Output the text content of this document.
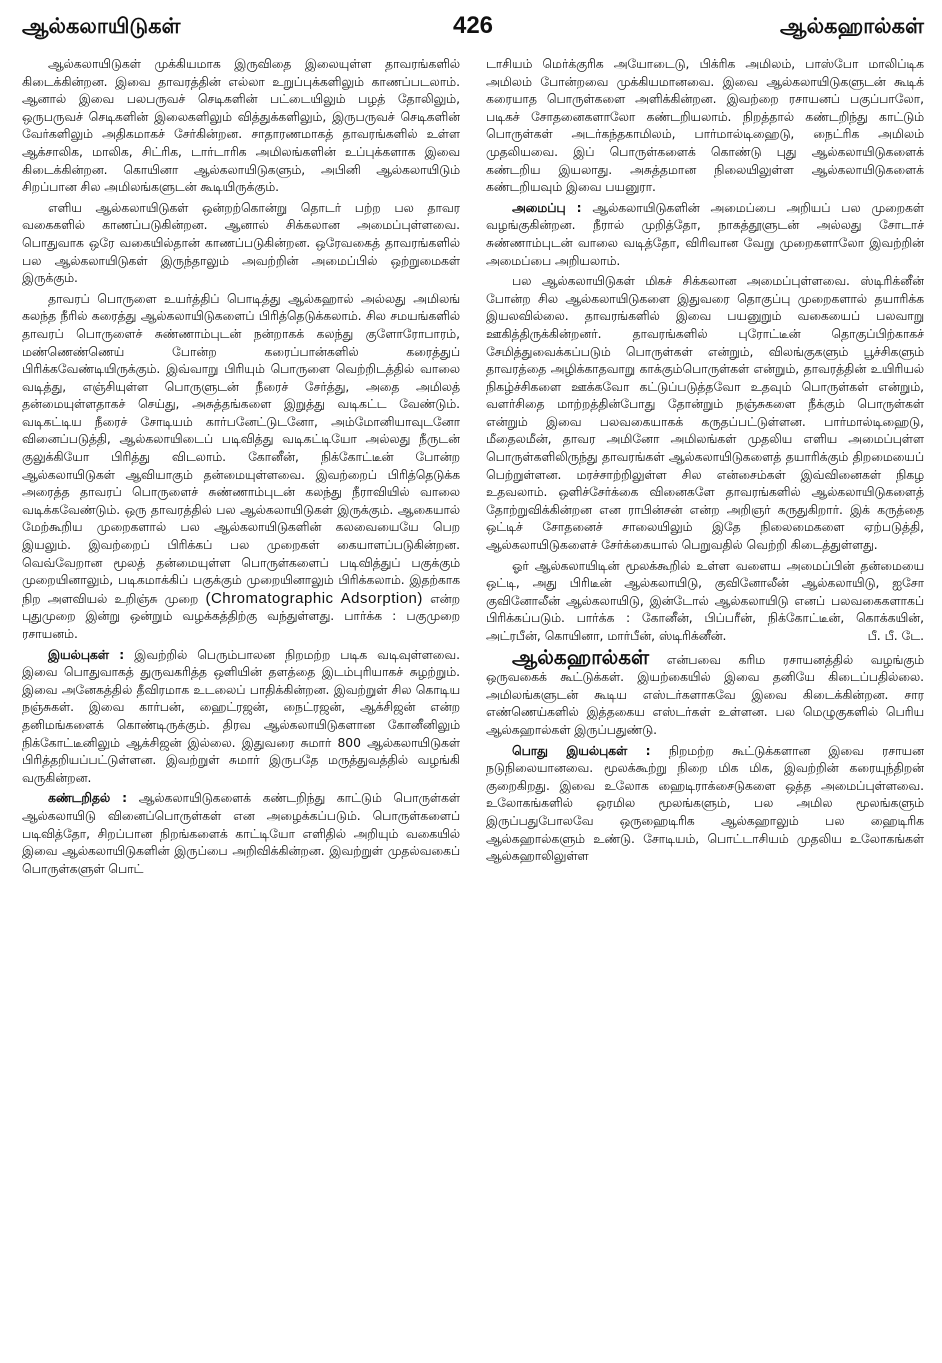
ஆல்கலாயிடுகள்	426	ஆல்கஹால்கள்

ஆல்கலாயிடுகள் முக்கியமாக இருவிதை இலையுள்ள தாவரங்களில் கிடைக்கின்றன. இவை தாவரத்தின் எல்லா உறுப்புக்களிலும் காணப்படலாம். ஆனால் இவை பலபருவச் செடிகளின் பட்டையிலும் பழத் தோலிலும், ஒருபருவச் செடிகளின் இலைகளிலும் வித்துக்களிலும், இருபருவச் செடிகளின் வேர்களிலும் அதிகமாகச் சேர்கின்றன. சாதாரணமாகத் தாவரங்களில் உள்ள ஆக்சாலிக, மாலிக, சிட்ரிக, டார்டாரிக அமிலங்களின் உப்புக்களாக இவை கிடைக்கின்றன. கொயினா ஆல்கலாயிடுகளும், அபினி ஆல்கலாயிடும் சிறப்பான சில அமிலங்களுடன் கூடியிருக்கும்.

எளிய ஆல்கலாயிடுகள் ஒன்றற்கொன்று தொடர் பற்ற பல தாவர வகைகளில் காணப்படுகின்றன. ஆனால் சிக்கலான அமைப்புள்ளவை. பொதுவாக ஒரே வகையில்தான் காணப்படுகின்றன. ஒரேவகைத் தாவரங்களில் பல ஆல்கலாயிடுகள் இருந்தாலும் அவற்றின் அமைப்பில் ஒற்றுமைகள் இருக்கும்.

தாவரப் பொருளை உயர்த்திப் பொடித்து ஆல்கஹால் அல்லது அமிலங் கலந்த நீரில் கரைத்து ஆல்கலாயிடுகளைப் பிரித்தெடுக்கலாம். சில சமயங்களில் தாவரப் பொருளைச் சுண்ணாம்புடன் நன்றாகக் கலந்து குளோரோபாரம், மண்ணெண்ணெய் போன்ற கரைப்பான்களில் கரைத்துப் பிரிக்கவேண்டியிருக்கும். இவ்வாறு பிரியும் பொருளை வெற்றிடத்தில் வாலை வடித்து, எஞ்சியுள்ள பொருளுடன் நீரைச் சேர்த்து, அதை அமிலத் தன்மையுள்ளதாகச் செய்து, அசுத்தங்களை இறுத்து வடிகட்ட வேண்டும். வடிகட்டிய நீரைச் சோடியம் கார்பனேட்டுடனோ, அம்மோனியாவுடனோ வினைப்படுத்தி, ஆல்கலாயிடைப் படிவித்து வடிகட்டியோ அல்லது நீருடன் குலுக்கியோ பிரித்து விடலாம். கோனீன், நிக்கோட்டீன் போன்ற ஆல்கலாயிடுகள் ஆவியாகும் தன்மையுள்ளவை. இவற்றைப் பிரித்தெடுக்க அரைத்த தாவரப் பொருளைச் சுண்ணாம்புடன் கலந்து நீராவியில் வாலை வடிக்கவேண்டும். ஒரு தாவரத்தில் பல ஆல்கலாயிடுகள் இருக்கும். ஆகையால் மேற்கூறிய முறைகளால் பல ஆல்கலாயிடுகளின் கலவையையே பெற இயலும். இவற்றைப் பிரிக்கப் பல முறைகள் கையாளப்படுகின்றன. வெவ்வேறான மூலத் தன்மையுள்ள பொருள்களைப் படிவித்துப் பகுக்கும் முறையினாலும், படிகமாக்கிப் பகுக்கும் முறையினாலும் பிரிக்கலாம். இதற்காக நிற அளவியல் உறிஞ்சு முறை (Chromatographic Adsorption) என்ற புதுமுறை இன்று ஒன்றும் வழக்கத்திற்கு வந்துள்ளது. பார்க்க : பகுமுறை ரசாயனம்.

இயல்புகள் : இவற்றில் பெரும்பாலன நிறமற்ற படிக வடிவுள்ளவை. இவை பொதுவாகத் துருவகரித்த ஒளியின் தளத்தை இடம்புரியாகச் சுழற்றும். இவை அனேகத்தில் தீவிரமாக உடலைப் பாதிக்கின்றன. இவற்றுள் சில கொடிய நஞ்சுகள். இவை கார்பன், ஹைட்ரஜன், நைட்ரஜன், ஆக்சிஜன் என்ற தனிமங்களைக் கொண்டிருக்கும். திரவ ஆல்கலாயிடுகளான கோனீனிலும் நிக்கோட்டீனிலும் ஆக்சிஜன் இல்லை. இதுவரை சுமார் 800 ஆல்கலாயிடுகள் பிரித்தறியப்பட்டுள்ளன. இவற்றுள் சுமார் இருபதே மருத்துவத்தில் வழங்கி வருகின்றன.

கண்டறிதல் : ஆல்கலாயிடுகளைக் கண்டறிந்து காட்டும் பொருள்கள் ஆல்கலாயிடு வினைப்பொருள்கள் என அழைக்கப்படும். பொருள்களைப் படிவித்தோ, சிறப்பான நிறங்களைக் காட்டியோ எளிதில் அறியும் வகையில் இவை ஆல்கலாயிடுகளின் இருப்பை அறிவிக்கின்றன. இவற்றுள் முதல்வகைப் பொருள்களுள் பொட்

டாசியம் மெர்க்குரிக அயோடைடு, பிக்ரிக அமிலம், பாஸ்போ மாலிப்டிக அமிலம் போன்றவை முக்கியமானவை. இவை ஆல்கலாயிடுகளுடன் கூடிக் கரையாத பொருள்களை அளிக்கின்றன. இவற்றை ரசாயனப் பகுப்பாலோ, படிகச் சோதனைகளாலோ கண்டறியலாம். நிறத்தால் கண்டறிந்து காட்டும் பொருள்கள் அடர்கந்தகாமிலம், பார்மால்டிஹைடு, நைட்ரிக அமிலம் முதலியவை. இப் பொருள்களைக் கொண்டு புது ஆல்கலாயிடுகளைக் கண்டறிய இயலாது. அசுத்தமான நிலையிலுள்ள ஆல்கலாயிடுகளைக் கண்டறியவும் இவை பயனுரா.

அமைப்பு : ஆல்கலாயிடுகளின் அமைப்பை அறியப் பல முறைகள் வழங்குகின்றன. நீரால் முறித்தோ, நாகத்தூளுடன் அல்லது சோடாச் சுண்ணாம்புடன் வாலை வடித்தோ, விரிவான வேறு முறைகளாலோ இவற்றின் அமைப்பை அறியலாம்.

பல ஆல்கலாயிடுகள் மிகச் சிக்கலான அமைப்புள்ளவை. ஸ்டிரிக்னீன் போன்ற சில ஆல்கலாயிடுகளை இதுவரை தொகுப்பு முறைகளால் தயாரிக்க இயலவில்லை. தாவரங்களில் இவை பயனுறும் வகையைப் பலவாறு ஊகித்திருக்கின்றனர். தாவரங்களில் புரோட்டீன் தொகுப்பிற்காகச் சேமித்துவைக்கப்படும் பொருள்கள் என்றும், விலங்குகளும் பூச்சிகளும் தாவரத்தை அழிக்காதவாறு காக்கும்பொருள்கள் என்றும், தாவரத்தின் உயிரியல் நிகழ்ச்சிகளை ஊக்கவோ கட்டுப்படுத்தவோ உதவும் பொருள்கள் என்றும், வளர்சிதை மாற்றத்தின்போது தோன்றும் நஞ்சுகளை நீக்கும் பொருள்கள் என்றும் இவை பலவகையாகக் கருதப்பட்டுள்ளன. பார்மால்டிஹைடு, மீதைலமீன், தாவர அமினோ அமிலங்கள் முதலிய எளிய அமைப்புள்ள பொருள்களிலிருந்து தாவரங்கள் ஆல்கலாயிடுகளைத் தயாரிக்கும் திறமையைப் பெற்றுள்ளன. மரச்சாற்றிலுள்ள சில என்சைம்கள் இவ்வினைகள் நிகழ உதவலாம். ஒளிச்சேர்க்கை வினைகளே தாவரங்களில் ஆல்கலாயிடுகளைத் தோற்றுவிக்கின்றன என ராபின்சன் என்ற அறிஞர் கருதுகிறார். இக் கருத்தை ஒட்டிச் சோதனைச் சாலையிலும் இதே நிலைமைகளை ஏற்படுத்தி, ஆல்கலாயிடுகளைச் சேர்க்கையால் பெறுவதில் வெற்றி கிடைத்துள்ளது.

ஓர் ஆல்கலாயிடின் மூலக்கூறில் உள்ள வளைய அமைப்பின் தன்மையை ஒட்டி, அது பிரிடீன் ஆல்கலாயிடு, குவினோலீன் ஆல்கலாயிடு, ஐசோ குவினோலீன் ஆல்கலாயிடு, இன்டோல் ஆல்கலாயிடு எனப் பலவகைகளாகப் பிரிக்கப்படும். பார்க்க : கோனீன், பிப்பரீன், நிக்கோட்டீன், கொக்கயின், அட்ரபீன், கொயினா, மார்பீன், ஸ்டிரிக்னீன்.	பீ. பீ. டே.

ஆல்கஹால்கள் என்பவை கரிம ரசாயனத்தில் வழங்கும் ஒருவகைக் கூட்டுக்கள். இயற்கையில் இவை தனியே கிடைப்பதில்லை. அமிலங்களுடன் கூடிய எஸ்டர்களாகவே இவை கிடைக்கின்றன. சார எண்ணெய்களில் இத்தகைய எஸ்டர்கள் உள்ளன. பல மெழுகுகளில் பெரிய ஆல்கஹால்கள் இருப்பதுண்டு.

பொது இயல்புகள் : நிறமற்ற கூட்டுக்களான இவை ரசாயன நடுநிலையானவை. மூலக்கூற்று நிறை மிக மிக, இவற்றின் கரையுந்திறன் குறைகிறது. இவை உலோக ஹைடிராக்சைடுகளை ஒத்த அமைப்புள்ளவை. உலோகங்களில் ஒரமில மூலங்களும், பல அமில மூலங்களும் இருப்பதுபோலவே ஒருஹைடிரிக ஆல்கஹாலும் பல ஹைடிரிக ஆல்கஹால்களும் உண்டு. சோடியம், பொட்டாசியம் முதலிய உலோகங்கள் ஆல்கஹாலிலுள்ள
